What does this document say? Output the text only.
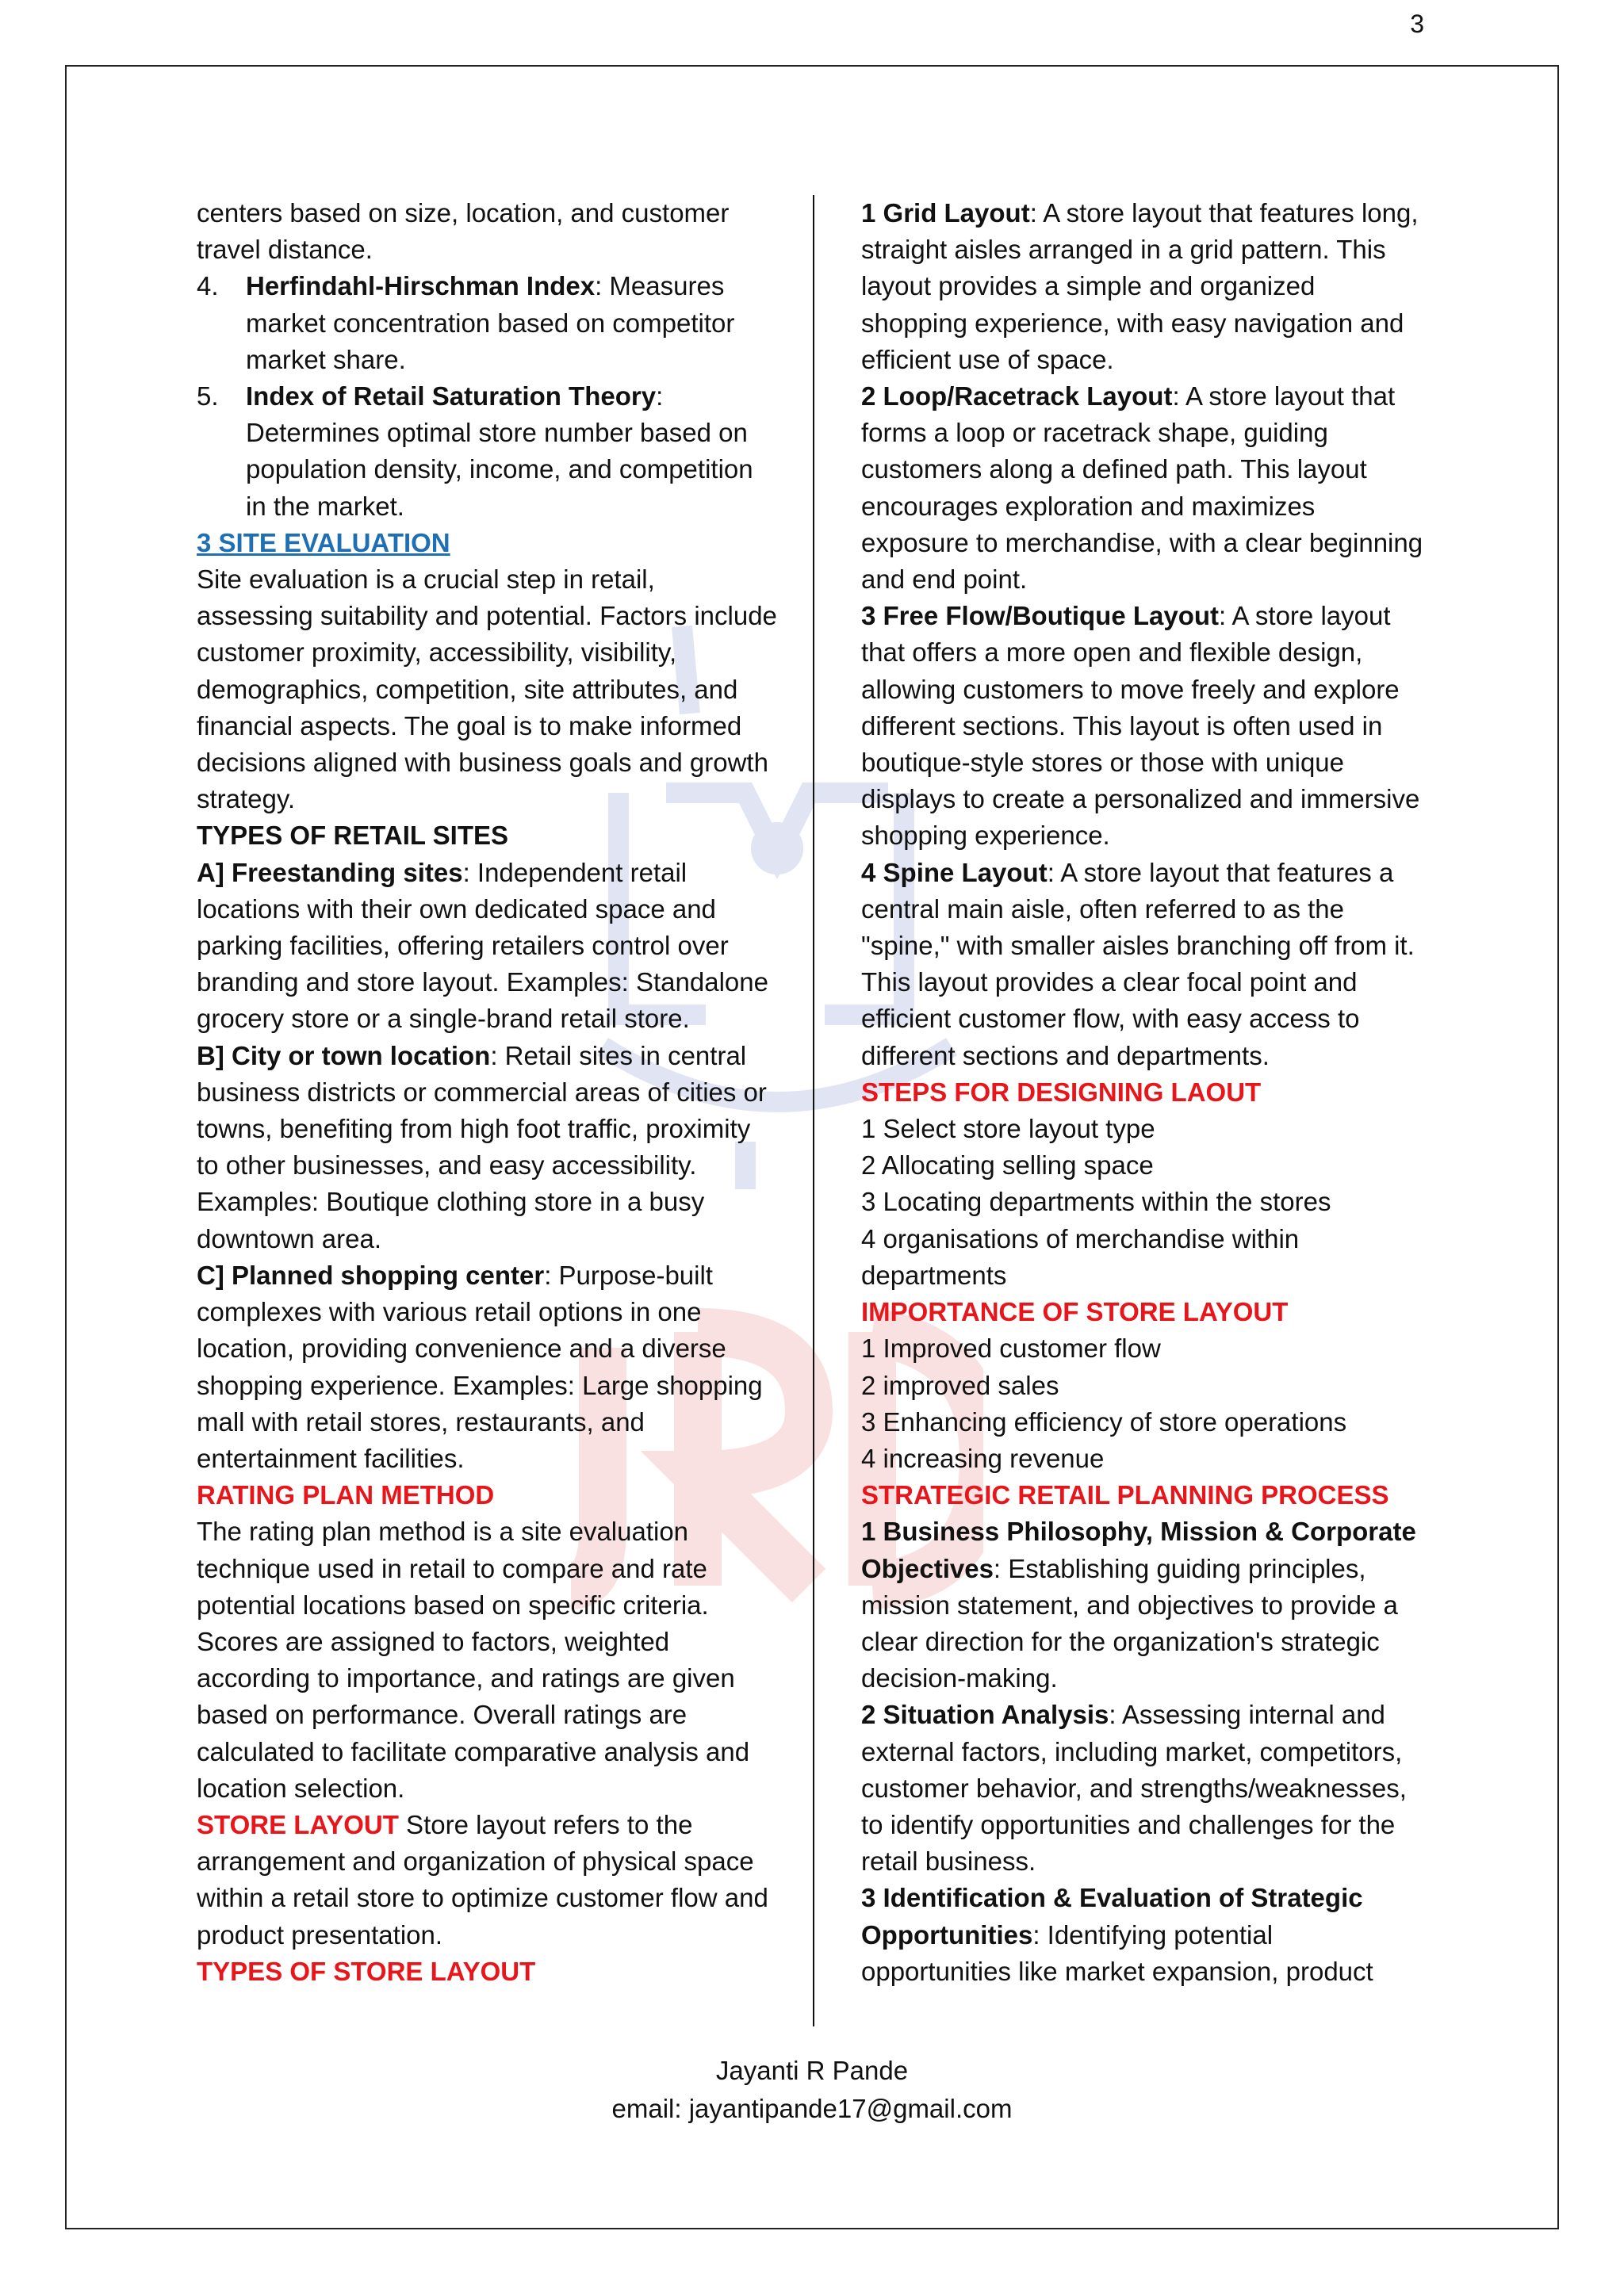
3

centers based on size, location, and customer travel distance.

4. Herfindahl-Hirschman Index: Measures market concentration based on competitor market share.

5. Index of Retail Saturation Theory: Determines optimal store number based on population density, income, and competition in the market.

3 SITE EVALUATION

Site evaluation is a crucial step in retail, assessing suitability and potential. Factors include customer proximity, accessibility, visibility, demographics, competition, site attributes, and financial aspects. The goal is to make informed decisions aligned with business goals and growth strategy.

TYPES OF RETAIL SITES

A] Freestanding sites: Independent retail locations with their own dedicated space and parking facilities, offering retailers control over branding and store layout. Examples: Standalone grocery store or a single-brand retail store.

B] City or town location: Retail sites in central business districts or commercial areas of cities or towns, benefiting from high foot traffic, proximity to other businesses, and easy accessibility. Examples: Boutique clothing store in a busy downtown area.

C] Planned shopping center: Purpose-built complexes with various retail options in one location, providing convenience and a diverse shopping experience. Examples: Large shopping mall with retail stores, restaurants, and entertainment facilities.

RATING PLAN METHOD

The rating plan method is a site evaluation technique used in retail to compare and rate potential locations based on specific criteria. Scores are assigned to factors, weighted according to importance, and ratings are given based on performance. Overall ratings are calculated to facilitate comparative analysis and location selection.

STORE LAYOUT Store layout refers to the arrangement and organization of physical space within a retail store to optimize customer flow and product presentation.

TYPES OF STORE LAYOUT

1 Grid Layout: A store layout that features long, straight aisles arranged in a grid pattern. This layout provides a simple and organized shopping experience, with easy navigation and efficient use of space.

2 Loop/Racetrack Layout: A store layout that forms a loop or racetrack shape, guiding customers along a defined path. This layout encourages exploration and maximizes exposure to merchandise, with a clear beginning and end point.

3 Free Flow/Boutique Layout: A store layout that offers a more open and flexible design, allowing customers to move freely and explore different sections. This layout is often used in boutique-style stores or those with unique displays to create a personalized and immersive shopping experience.

4 Spine Layout: A store layout that features a central main aisle, often referred to as the "spine," with smaller aisles branching off from it. This layout provides a clear focal point and efficient customer flow, with easy access to different sections and departments.

STEPS FOR DESIGNING LAOUT

1 Select store layout type

2 Allocating selling space

3 Locating departments within the stores

4 organisations of merchandise within departments

IMPORTANCE OF STORE LAYOUT

1 Improved customer flow

2 improved sales

3 Enhancing efficiency of store operations

4 increasing revenue

STRATEGIC RETAIL PLANNING PROCESS

1 Business Philosophy, Mission & Corporate Objectives: Establishing guiding principles, mission statement, and objectives to provide a clear direction for the organization's strategic decision-making.

2 Situation Analysis: Assessing internal and external factors, including market, competitors, customer behavior, and strengths/weaknesses, to identify opportunities and challenges for the retail business.

3 Identification & Evaluation of Strategic Opportunities: Identifying potential opportunities like market expansion, product

Jayanti R Pande
email: jayantipande17@gmail.com
